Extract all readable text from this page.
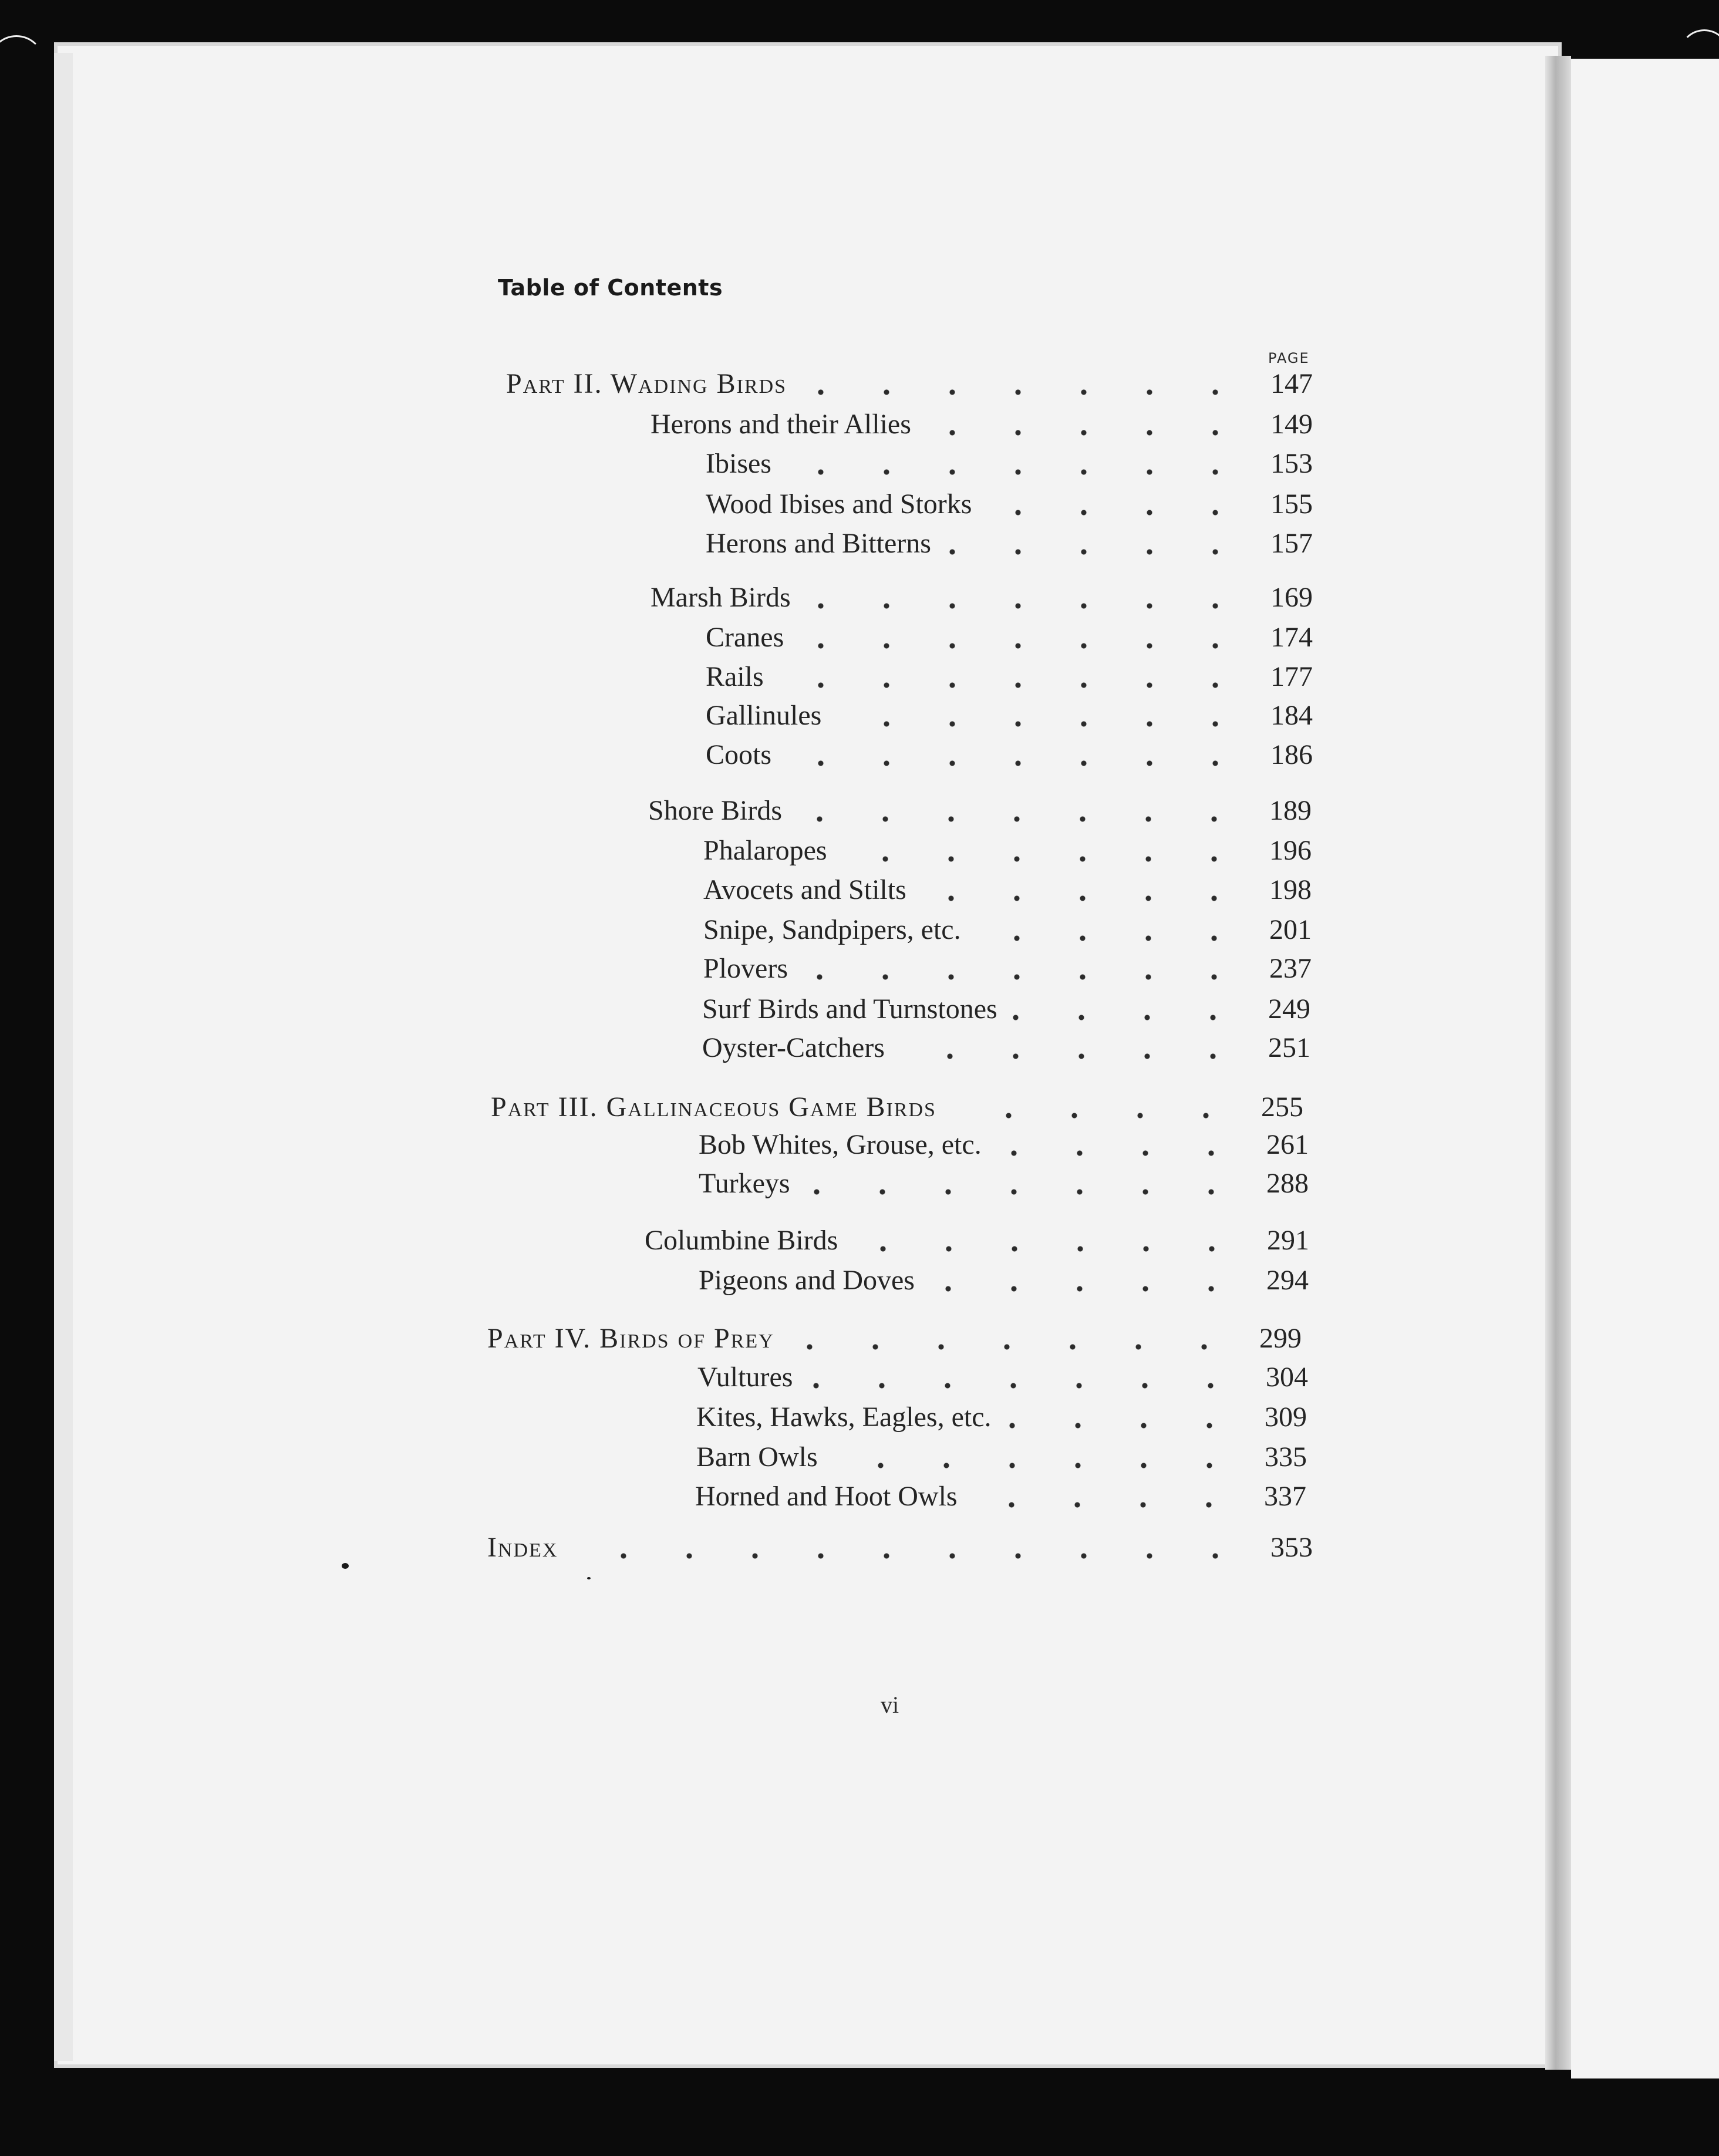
Table of Contents
PAGE
Part II. Wading Birds	147
Herons and their Allies	149
Ibises	153
Wood Ibises and Storks	155
Herons and Bitterns	157
Marsh Birds	169
Cranes	174
Rails	177
Gallinules	184
Coots	186
Shore Birds	189
Phalaropes	196
Avocets and Stilts	198
Snipe, Sandpipers, etc.	201
Plovers	237
Surf Birds and Turnstones	249
Oyster-Catchers	251
Part III. Gallinaceous Game Birds	255
Bob Whites, Grouse, etc.	261
Turkeys	288
Columbine Birds	291
Pigeons and Doves	294
Part IV. Birds of Prey	299
Vultures	304
Kites, Hawks, Eagles, etc.	309
Barn Owls	335
Horned and Hoot Owls	337
Index	353
vi
